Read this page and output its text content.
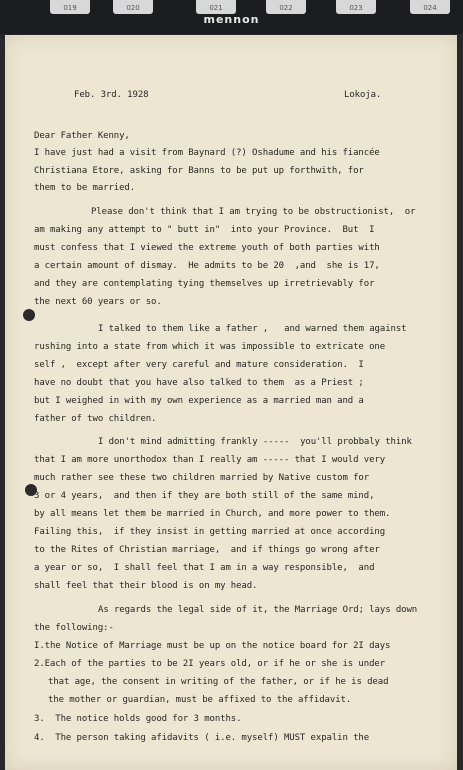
019	020	021	022	023	024
mennon

Feb. 3rd. 1928	Lokoja.

Dear Father Kenny,

I have just had a visit from Baynard (?) Oshadume and his fiancée

Christiana Etore, asking for Banns to be put up forthwith, for

them to be married.

Please don't think that I am trying to be obstructionist,  or

am making any attempt to " butt in"  into your Province.  But  I

must confess that I viewed the extreme youth of both parties with

a certain amount of dismay.  He admits to be 20  ,and  she is 17,

and they are contemplating tying themselves up irretrievably for

the next 60 years or so.

I talked to them like a father ,   and warned them against

rushing into a state from which it was impossible to extricate one

self ,  except after very careful and mature consideration.  I

have no doubt that you have also talked to them  as a Priest ;

but I weighed in with my own experience as a married man and a

father of two children.

I don't mind admitting frankly -----  you'll probbaly think

that I am more unorthodox than I really am ----- that I would very

much rather see these two children married by Native custom for

3 or 4 years,  and then if they are both still of the same mind,

by all means let them be married in Church, and more power to them.

Failing this,  if they insist in getting married at once according

to the Rites of Christian marriage,  and if things go wrong after

a year or so,  I shall feel that I am in a way responsible,  and

shall feel that their blood is on my head.

As regards the legal side of it, the Marriage Ord; lays down

the following:-

I.the Notice of Marriage must be up on the notice board for 2I days

2.Each of the parties to be 2I years old, or if he or she is under

that age, the consent in writing of the father, or if he is dead

the mother or guardian, must be affixed to the affidavit.

3.  The notice holds good for 3 months.

4.  The person taking afidavits ( i.e. myself) MUST expalin the
